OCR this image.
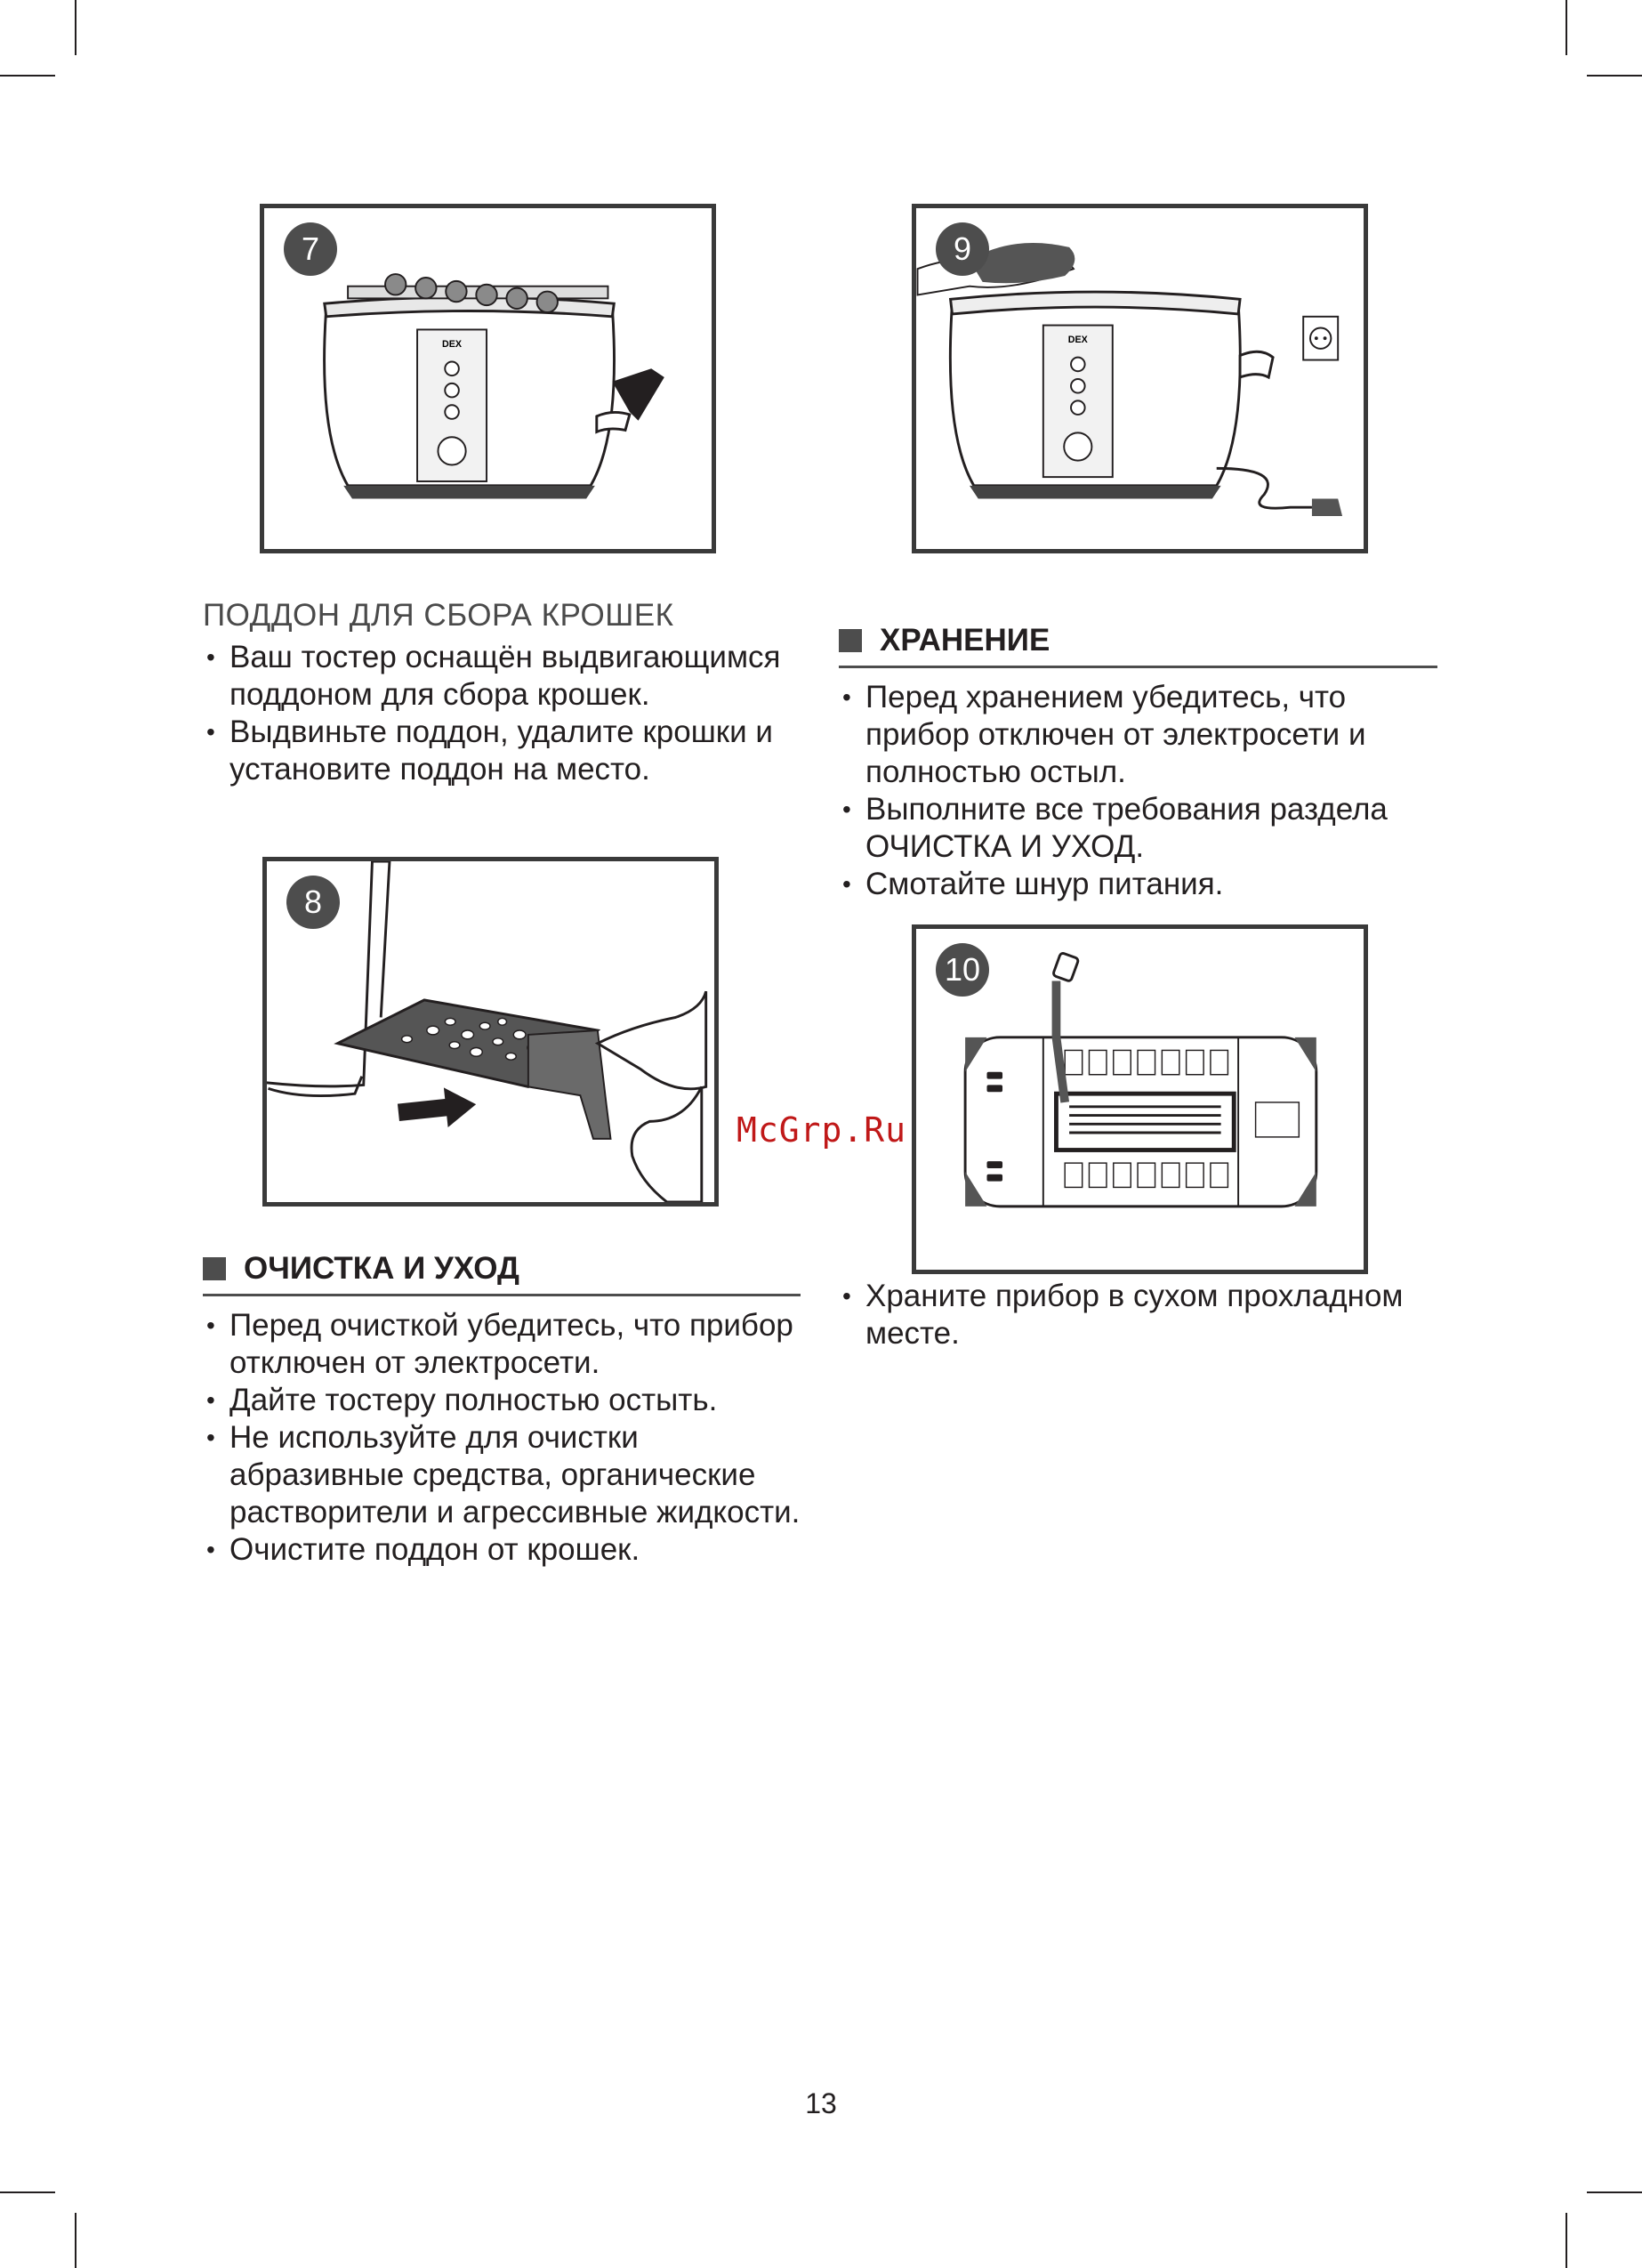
DEX
7
DEX
9
ПОДДОН ДЛЯ СБОРА КРОШЕК
• Ваш тостер оснащён выдвигающимся поддоном для сбора крошек.
• Выдвиньте поддон, удалите крошки и установите поддон на место.
8
ОЧИСТКА И УХОД
• Перед очисткой убедитесь, что прибор отключен от электросети.
• Дайте тостеру полностью остыть.
• Не используйте для очистки абразивные средства, органические растворители и агрессивные жидкости.
• Очистите поддон от крошек.
ХРАНЕНИЕ
• Перед хранением убедитесь, что прибор отключен от электросети и полностью остыл.
• Выполните все требования раздела ОЧИСТКА И УХОД.
• Смотайте шнур питания.
10
• Храните прибор в сухом прохладном месте.
McGrp.Ru
13
